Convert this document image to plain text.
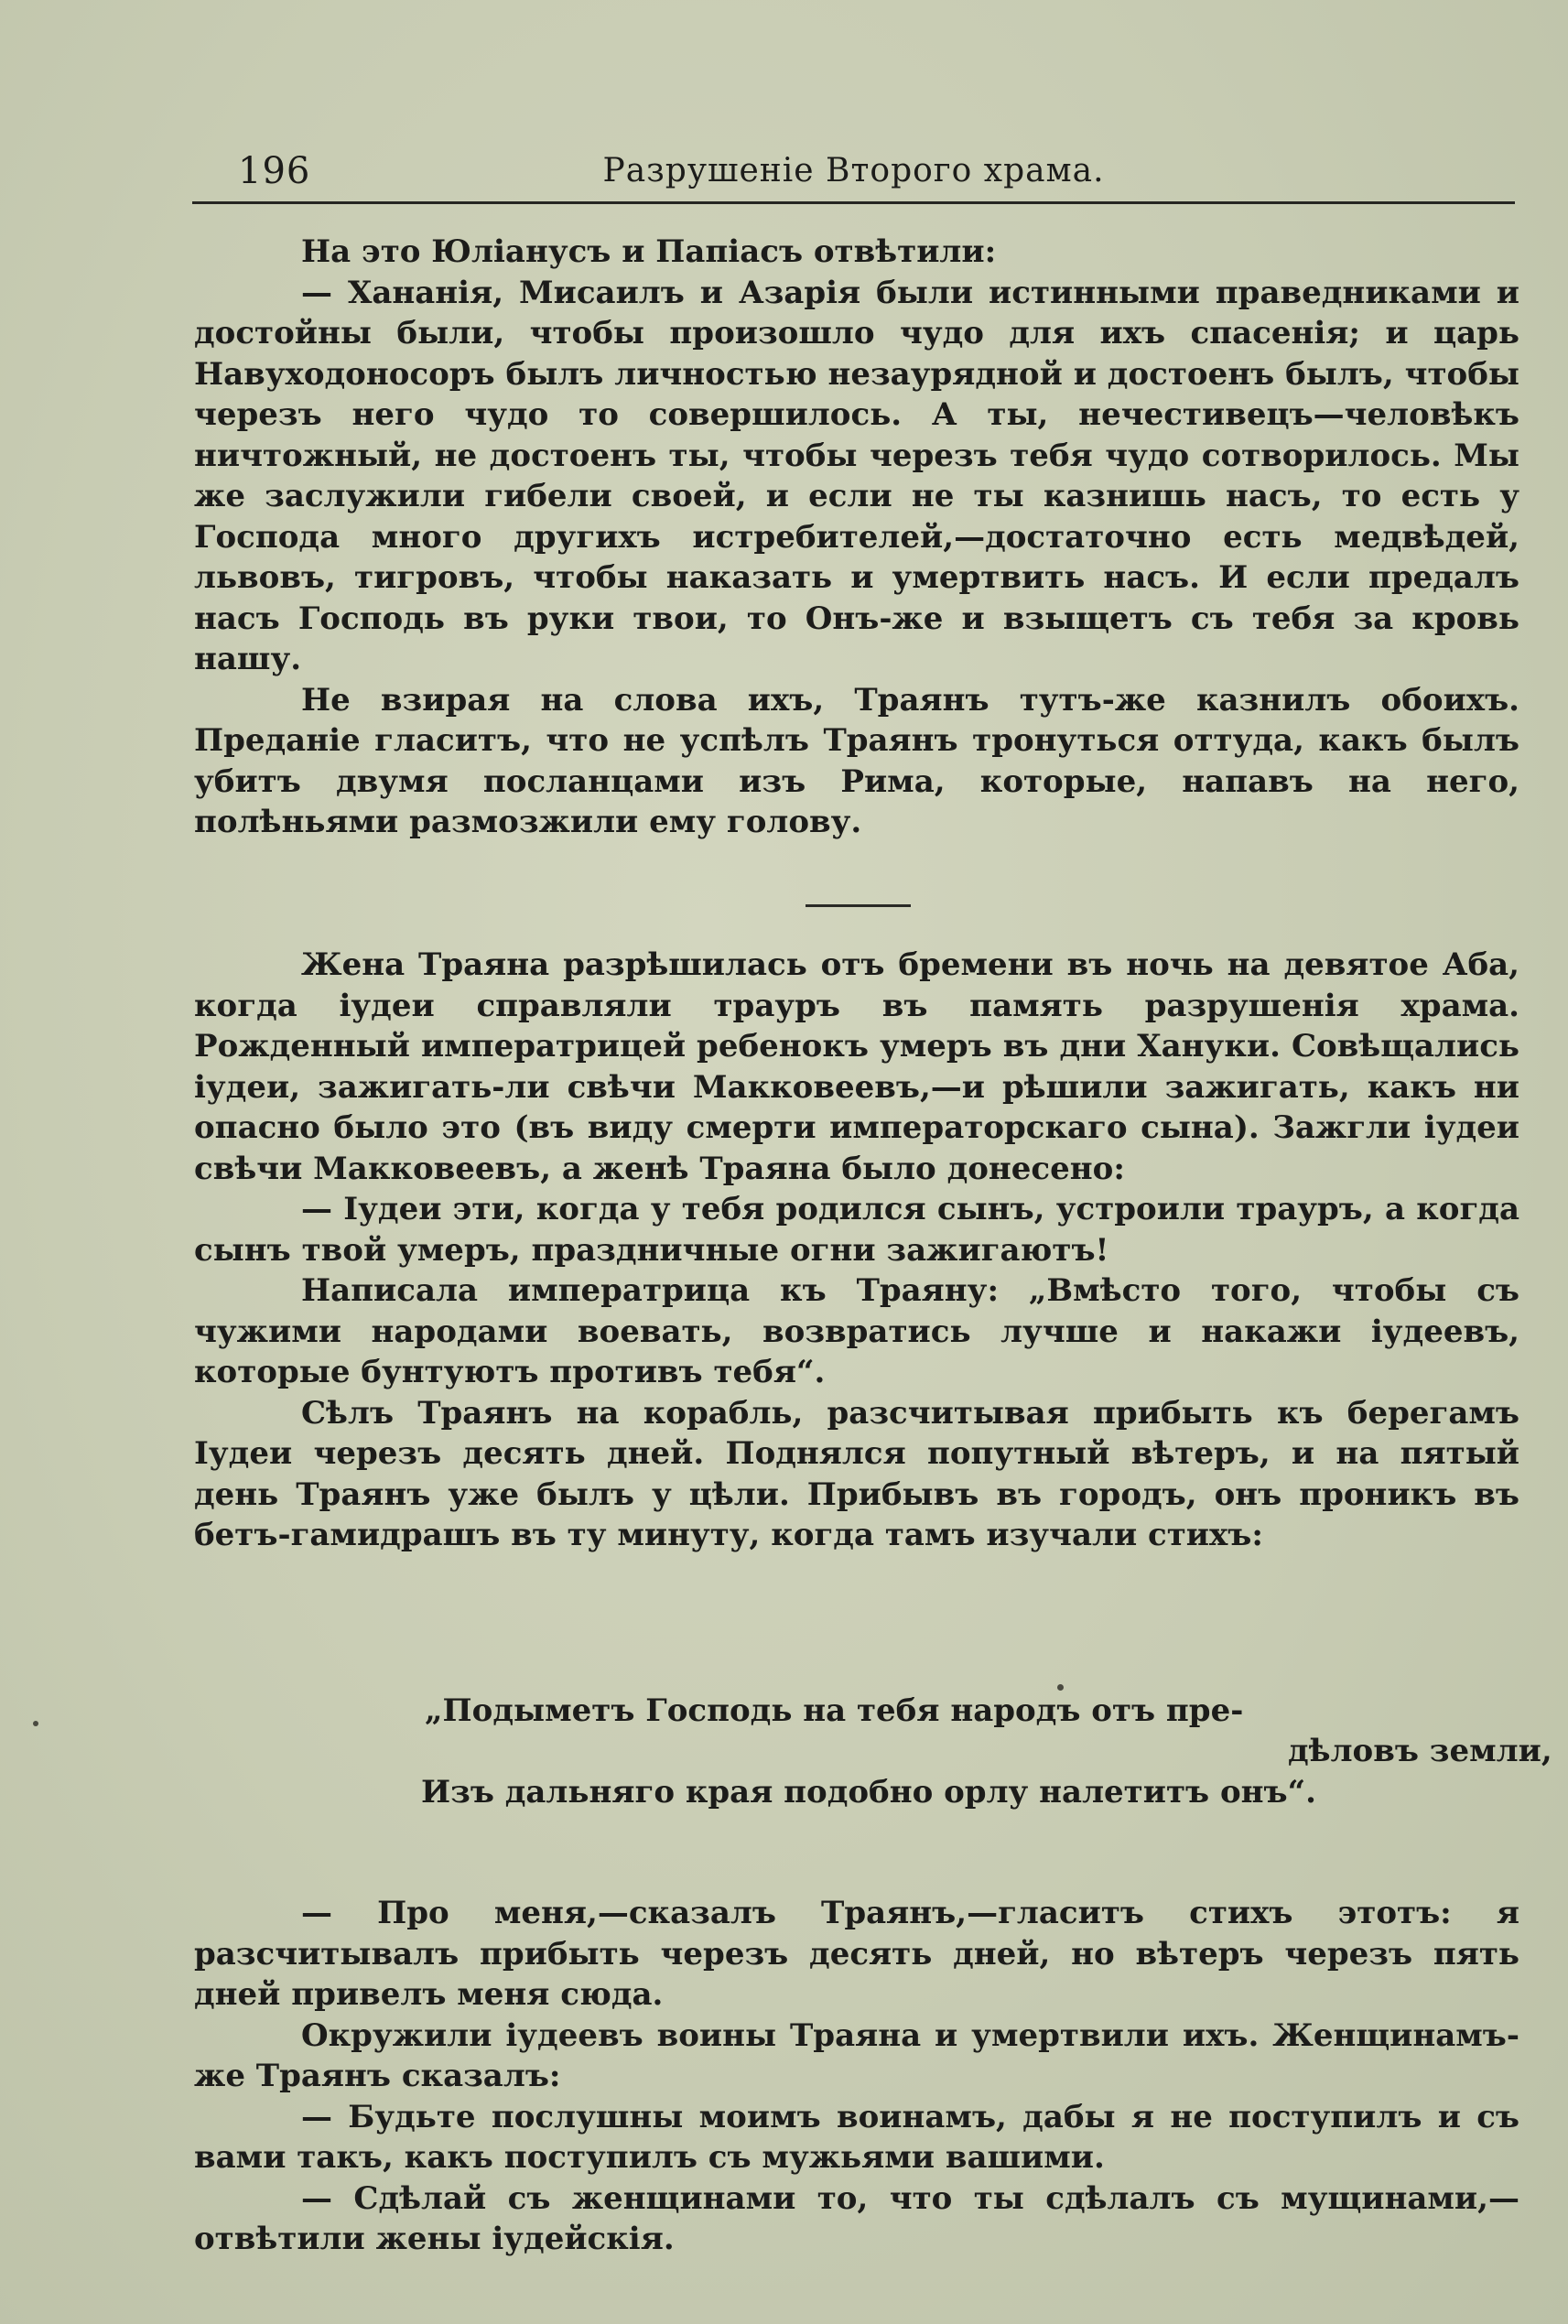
196	Разрушеніе Второго храма.

На это Юліанусъ и Папіасъ отвѣтили:

— Хананія, Мисаилъ и Азарія были истинными праведниками и достойны были, чтобы произошло чудо для ихъ спасенія; и царь Навуходоносоръ былъ личностью незаурядной и достоенъ былъ, чтобы черезъ него чудо то совершилось. А ты, нечестивецъ—человѣкъ ничтожный, не достоенъ ты, чтобы черезъ тебя чудо сотворилось. Мы же заслужили гибели своей, и если не ты казнишь насъ, то есть у Господа много другихъ истребителей,—достаточно есть медвѣдей, львовъ, тигровъ, чтобы наказать и умертвить насъ. И если предалъ насъ Господь въ руки твои, то Онъ-же и взыщетъ съ тебя за кровь нашу.

Не взирая на слова ихъ, Траянъ тутъ-же казнилъ обоихъ. Преданіе гласитъ, что не успѣлъ Траянъ тронуться оттуда, какъ былъ убитъ двумя посланцами изъ Рима, которые, напавъ на него, полѣньями размозжили ему голову.

Жена Траяна разрѣшилась отъ бремени въ ночь на девятое Аба, когда іудеи справляли трауръ въ память разрушенія храма. Рожденный императрицей ребенокъ умеръ въ дни Хануки. Совѣщались іудеи, зажигать-ли свѣчи Макковеевъ,—и рѣшили зажигать, какъ ни опасно было это (въ виду смерти императорскаго сына). Зажгли іудеи свѣчи Макковеевъ, а женѣ Траяна было донесено:

— Іудеи эти, когда у тебя родился сынъ, устроили трауръ, а когда сынъ твой умеръ, праздничные огни зажигаютъ!

Написала императрица къ Траяну: „Вмѣсто того, чтобы съ чужими народами воевать, возвратись лучше и накажи іудеевъ, которые бунтуютъ противъ тебя“.

Сѣлъ Траянъ на корабль, разсчитывая прибыть къ берегамъ Іудеи черезъ десять дней. Поднялся попутный вѣтеръ, и на пятый день Траянъ уже былъ у цѣли. Прибывъ въ городъ, онъ проникъ въ бетъ-гамидрашъ въ ту минуту, когда тамъ изучали стихъ:

„Подыметъ Господь на тебя народъ отъ пре-
дѣловъ земли,
Изъ дальняго края подобно орлу налетитъ онъ“.

— Про меня,—сказалъ Траянъ,—гласитъ стихъ этотъ: я разсчитывалъ прибыть черезъ десять дней, но вѣтеръ черезъ пять дней привелъ меня сюда.

Окружили іудеевъ воины Траяна и умертвили ихъ. Женщинамъ-же Траянъ сказалъ:

— Будьте послушны моимъ воинамъ, дабы я не поступилъ и съ вами такъ, какъ поступилъ съ мужьями вашими.

— Сдѣлай съ женщинами то, что ты сдѣлалъ съ мущинами,—отвѣтили жены іудейскія.
